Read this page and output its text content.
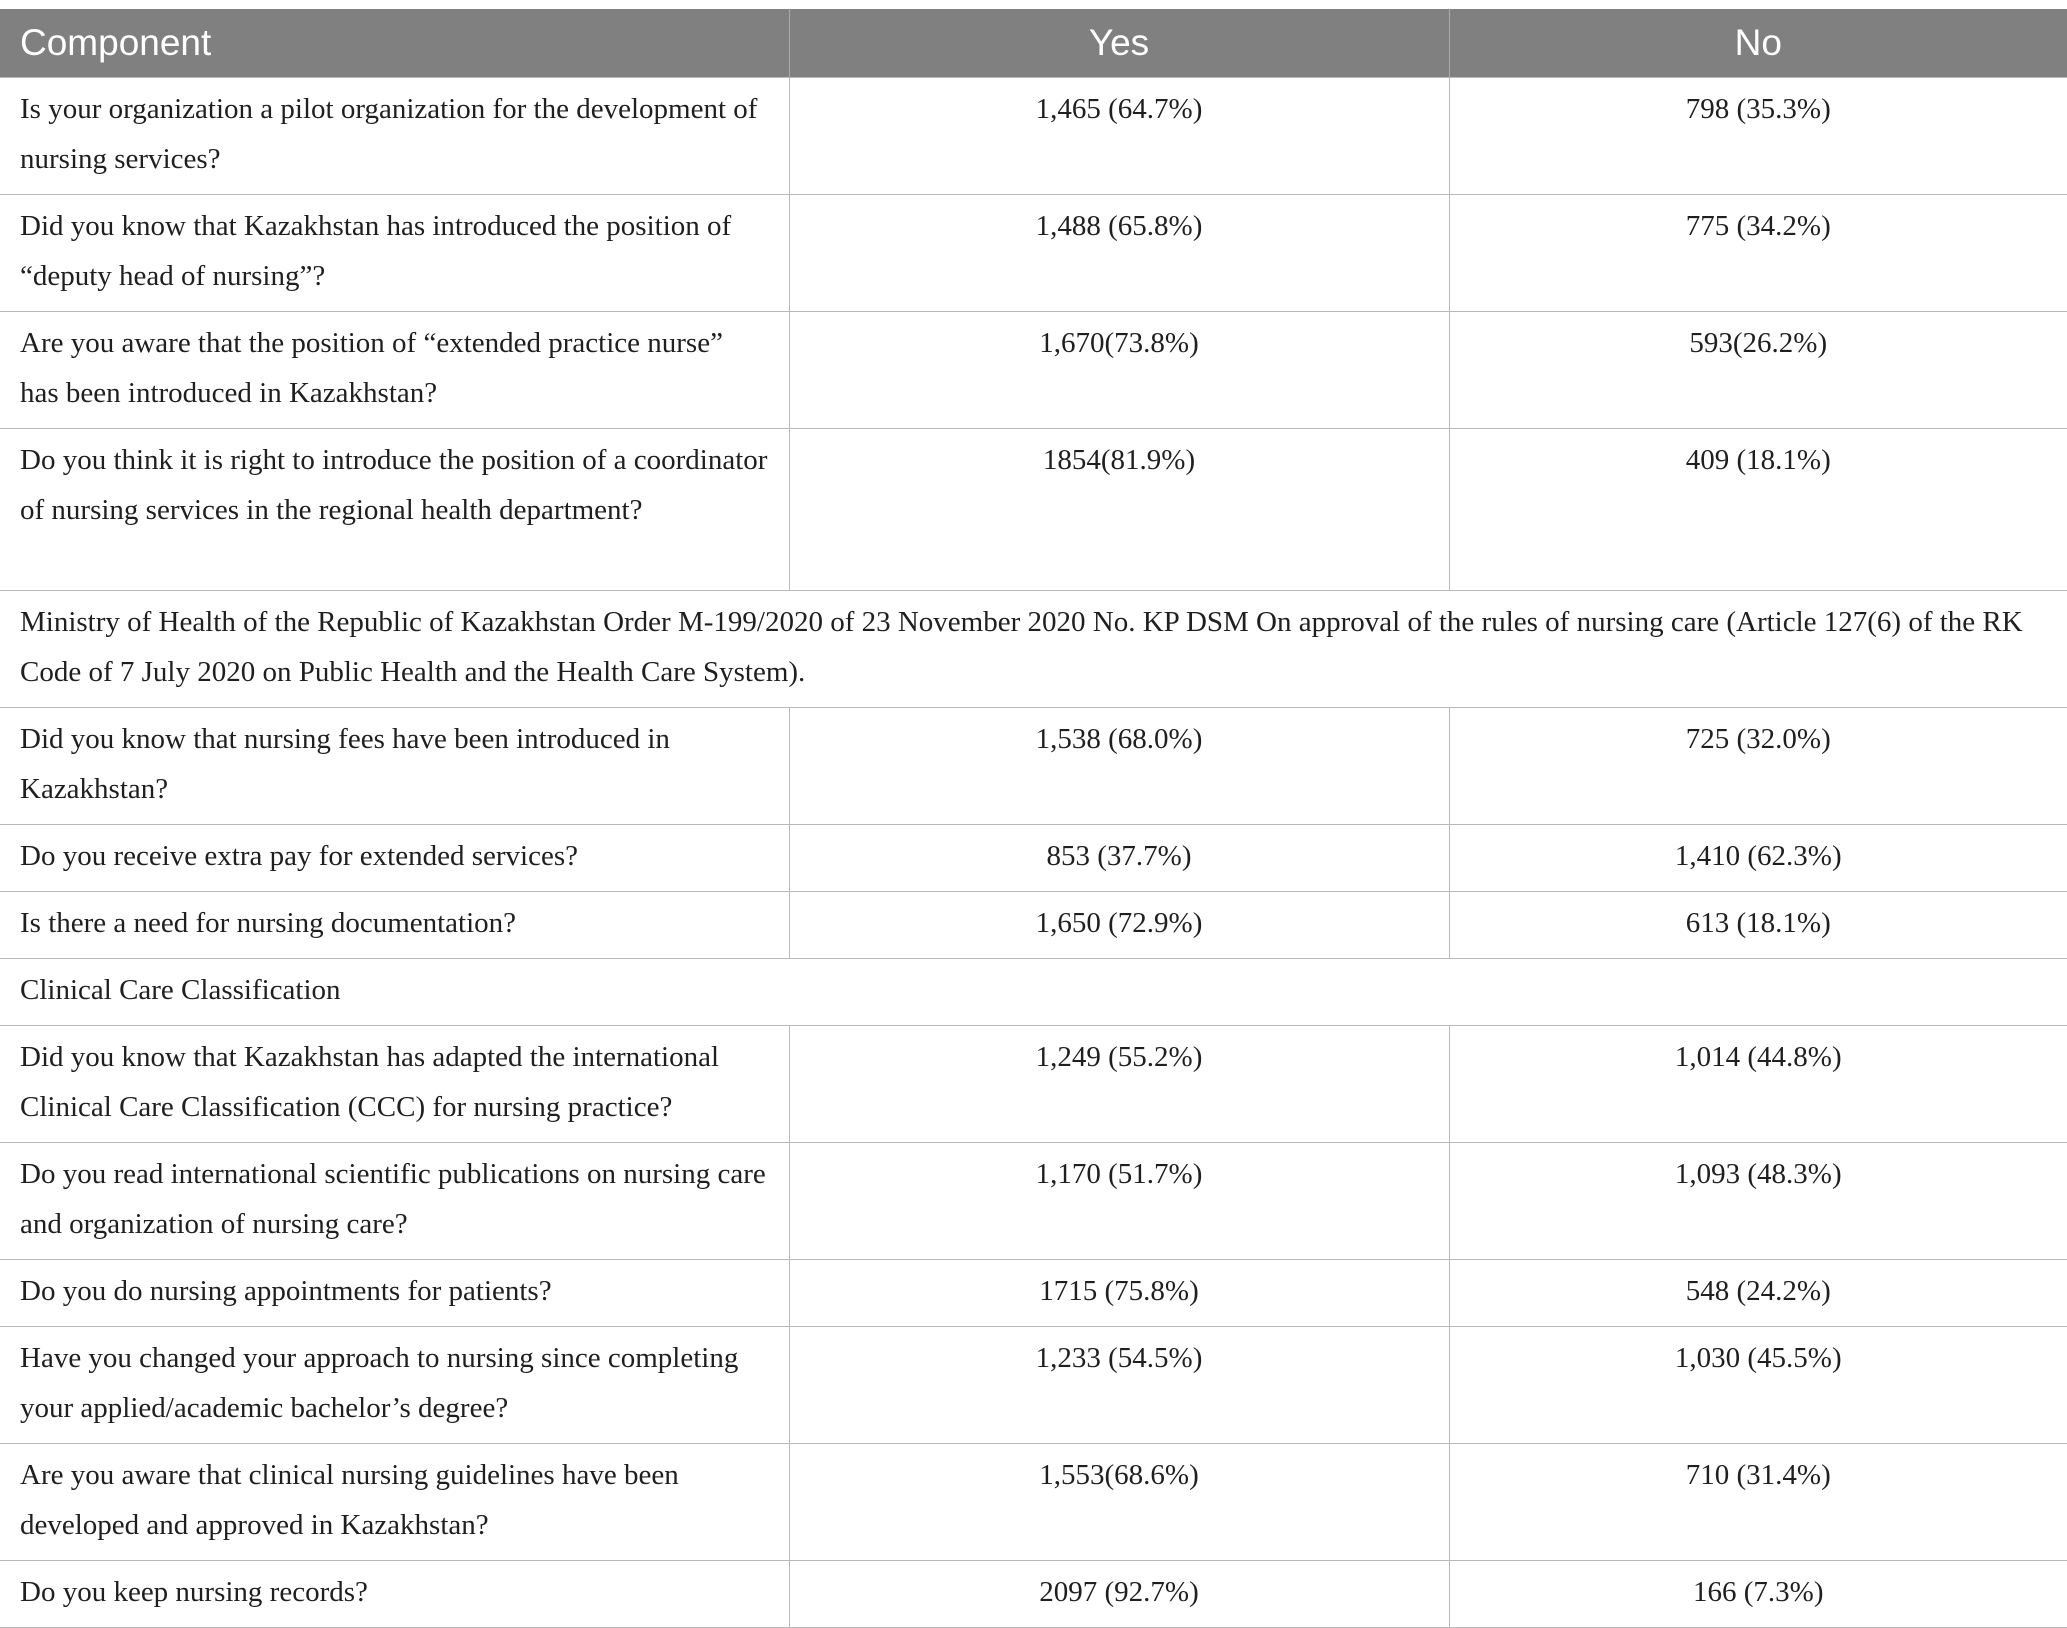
Component	Yes	No
Is your organization a pilot organization for the development of nursing services?	1,465 (64.7%)	798 (35.3%)
Did you know that Kazakhstan has introduced the position of “deputy head of nursing”?	1,488 (65.8%)	775 (34.2%)
Are you aware that the position of “extended practice nurse” has been introduced in Kazakhstan?	1,670(73.8%)	593(26.2%)
Do you think it is right to introduce the position of a coordinator of nursing services in the regional health department?	1854(81.9%)	409 (18.1%)
Ministry of Health of the Republic of Kazakhstan Order M-199/2020 of 23 November 2020 No. KP DSM On approval of the rules of nursing care (Article 127(6) of the RK Code of 7 July 2020 on Public Health and the Health Care System).		
Did you know that nursing fees have been introduced in Kazakhstan?	1,538 (68.0%)	725 (32.0%)
Do you receive extra pay for extended services?	853 (37.7%)	1,410 (62.3%)
Is there a need for nursing documentation?	1,650 (72.9%)	613 (18.1%)
Clinical Care Classification		
Did you know that Kazakhstan has adapted the international Clinical Care Classification (CCC) for nursing practice?	1,249 (55.2%)	1,014 (44.8%)
Do you read international scientific publications on nursing care and organization of nursing care?	1,170 (51.7%)	1,093 (48.3%)
Do you do nursing appointments for patients?	1715 (75.8%)	548 (24.2%)
Have you changed your approach to nursing since completing your applied/academic bachelor’s degree?	1,233 (54.5%)	1,030 (45.5%)
Are you aware that clinical nursing guidelines have been developed and approved in Kazakhstan?	1,553(68.6%)	710 (31.4%)
Do you keep nursing records?	2097 (92.7%)	166 (7.3%)
